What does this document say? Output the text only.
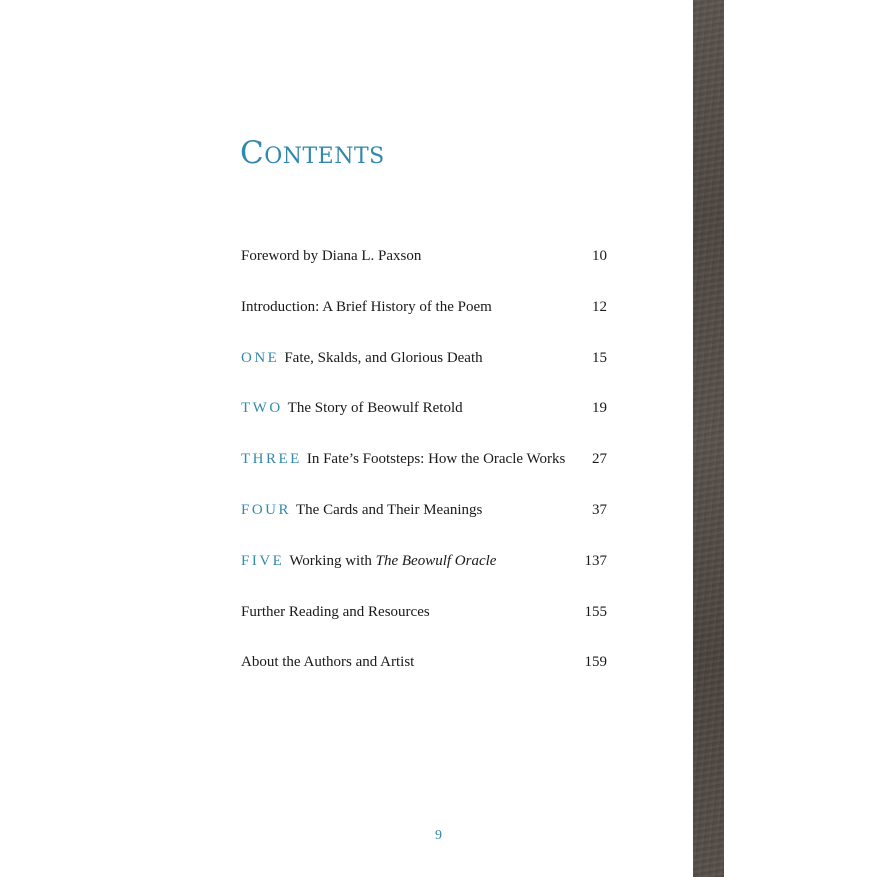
Contents
Foreword by Diana L. Paxson	10
Introduction: A Brief History of the Poem	12
ONE Fate, Skalds, and Glorious Death	15
TWO The Story of Beowulf Retold	19
THREE In Fate’s Footsteps: How the Oracle Works 27
FOUR The Cards and Their Meanings	37
FIVE Working with The Beowulf Oracle	137
Further Reading and Resources	155
About the Authors and Artist	159
9
